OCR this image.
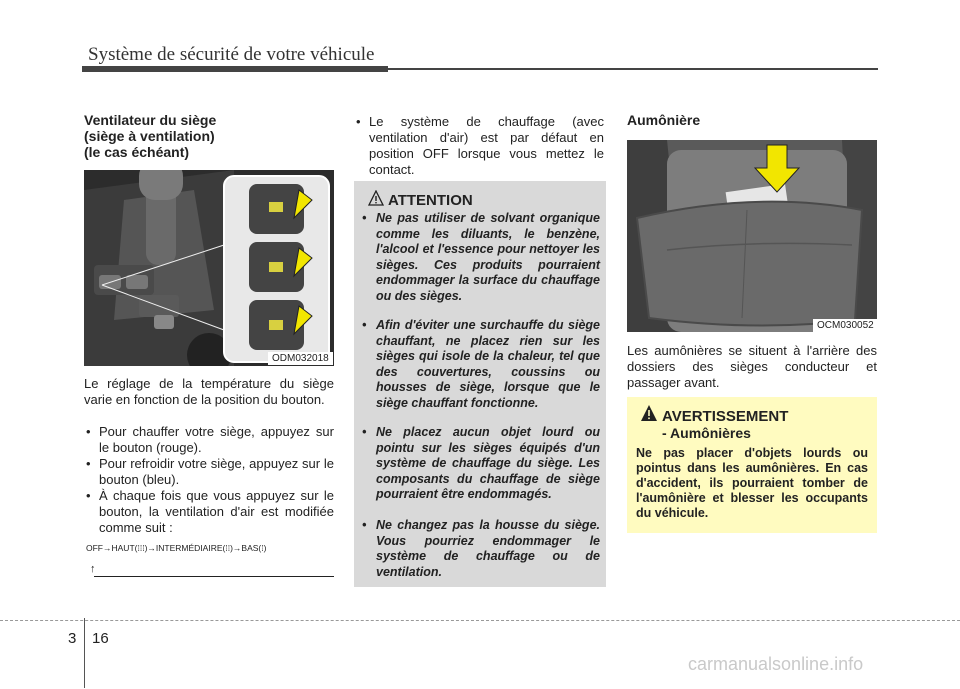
Système de sécurité de votre véhicule
Ventilateur du siège
(siège à ventilation)
(le cas échéant)
ODM032018
Le réglage de la température du siège varie en fonction de la position du bouton.
• Pour chauffer votre siège, appuyez sur le bouton (rouge).
• Pour refroidir votre siège, appuyez sur le bouton (bleu).
• À chaque fois que vous appuyez sur le bouton, la ventilation d'air est modifiée comme suit :
OFF→HAUT(⁞⁞⁞)→INTERMÉDIAIRE(⁞⁞)→BAS(⁞)
↑
• Le système de chauffage (avec ventilation d'air) est par défaut en position OFF lorsque vous mettez le contact.
ATTENTION
• Ne pas utiliser de solvant organique comme les diluants, le benzène, l'alcool et l'essence pour nettoyer les sièges. Ces produits pourraient endommager la surface du chauffage ou des sièges.
• Afin d'éviter une surchauffe du siège chauffant, ne placez rien sur les sièges qui isole de la chaleur, tel que des couvertures, coussins ou housses de siège, lorsque que le siège chauffant fonctionne.
• Ne placez aucun objet lourd ou pointu sur les sièges équipés d'un système de chauffage du siège. Les composants du chauffage de siège pourraient être endommagés.
• Ne changez pas la housse du siège. Vous pourriez endommager le système de chauffage ou de ventilation.
Aumônière
OCM030052
Les aumônières se situent à l'arrière des dossiers des sièges conducteur et passager avant.
AVERTISSEMENT
- Aumônières
Ne pas placer d'objets lourds ou pointus dans les aumônières. En cas d'accident, ils pourraient tomber de l'aumônière et blesser les occupants du véhicule.
3 16
carmanualsonline.info
